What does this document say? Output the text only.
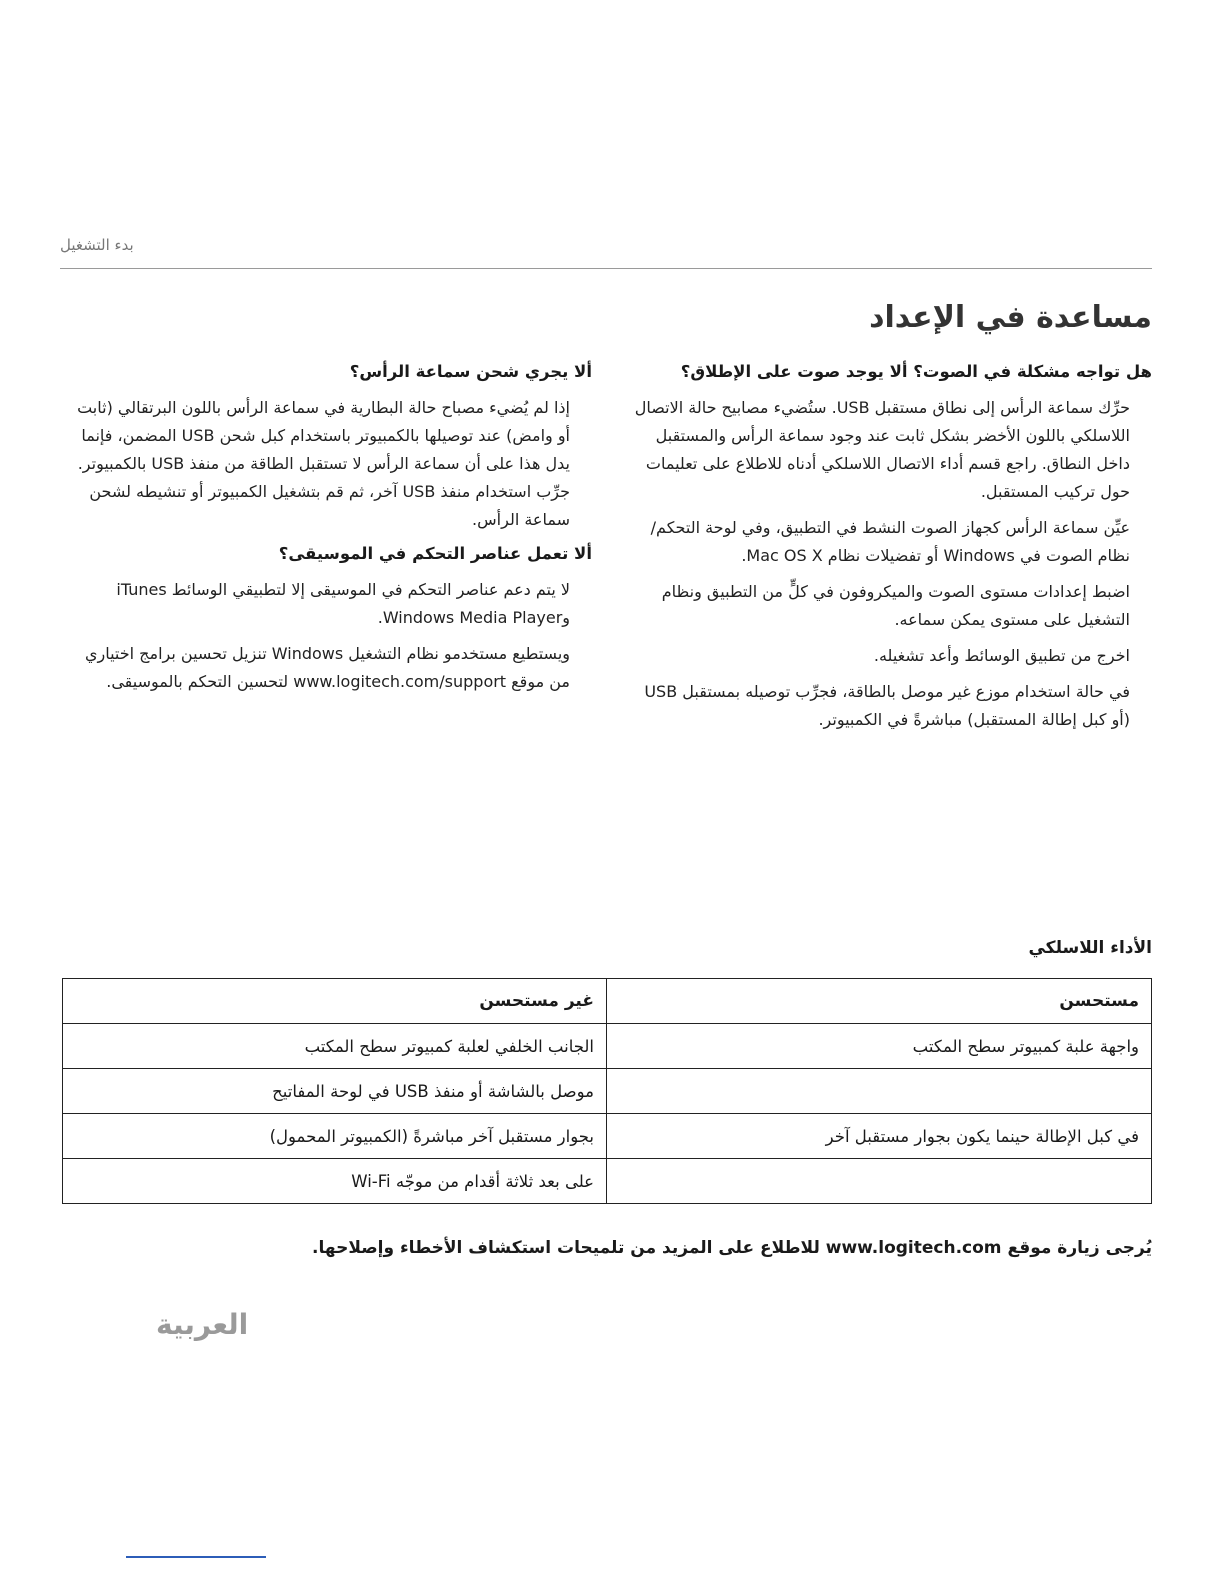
بدء التشغيل
مساعدة في الإعداد
هل تواجه مشكلة في الصوت؟ ألا يوجد صوت على الإطلاق؟
حرِّك سماعة الرأس إلى نطاق مستقبل USB. ستُضيء مصابيح حالة الاتصال اللاسلكي باللون الأخضر بشكل ثابت عند وجود سماعة الرأس والمستقبل داخل النطاق. راجع قسم أداء الاتصال اللاسلكي أدناه للاطلاع على تعليمات حول تركيب المستقبل.
عيِّن سماعة الرأس كجهاز الصوت النشط في التطبيق، وفي لوحة التحكم/نظام الصوت في Windows أو تفضيلات نظام Mac OS X.
اضبط إعدادات مستوى الصوت والميكروفون في كلٍّ من التطبيق ونظام التشغيل على مستوى يمكن سماعه.
اخرج من تطبيق الوسائط وأعد تشغيله.
في حالة استخدام موزع غير موصل بالطاقة، فجرِّب توصيله بمستقبل USB (أو كبل إطالة المستقبل) مباشرةً في الكمبيوتر.
ألا يجري شحن سماعة الرأس؟
إذا لم يُضيء مصباح حالة البطارية في سماعة الرأس باللون البرتقالي (ثابت أو وامض) عند توصيلها بالكمبيوتر باستخدام كبل شحن USB المضمن، فإنما يدل هذا على أن سماعة الرأس لا تستقبل الطاقة من منفذ USB بالكمبيوتر. جرِّب استخدام منفذ USB آخر، ثم قم بتشغيل الكمبيوتر أو تنشيطه لشحن سماعة الرأس.
ألا تعمل عناصر التحكم في الموسيقى؟
لا يتم دعم عناصر التحكم في الموسيقى إلا لتطبيقي الوسائط iTunes وWindows Media Player.
ويستطيع مستخدمو نظام التشغيل Windows تنزيل تحسين برامج اختياري من موقع www.logitech.com/support لتحسين التحكم بالموسيقى.
الأداء اللاسلكي
مستحسن	غير مستحسن
واجهة علبة كمبيوتر سطح المكتب	الجانب الخلفي لعلبة كمبيوتر سطح المكتب
	موصل بالشاشة أو منفذ USB في لوحة المفاتيح
في كبل الإطالة حينما يكون بجوار مستقبل آخر	بجوار مستقبل آخر مباشرةً (الكمبيوتر المحمول)
	على بعد ثلاثة أقدام من موجّه Wi-Fi
يُرجى زيارة موقع www.logitech.com للاطلاع على المزيد من تلميحات استكشاف الأخطاء وإصلاحها.
العربية
